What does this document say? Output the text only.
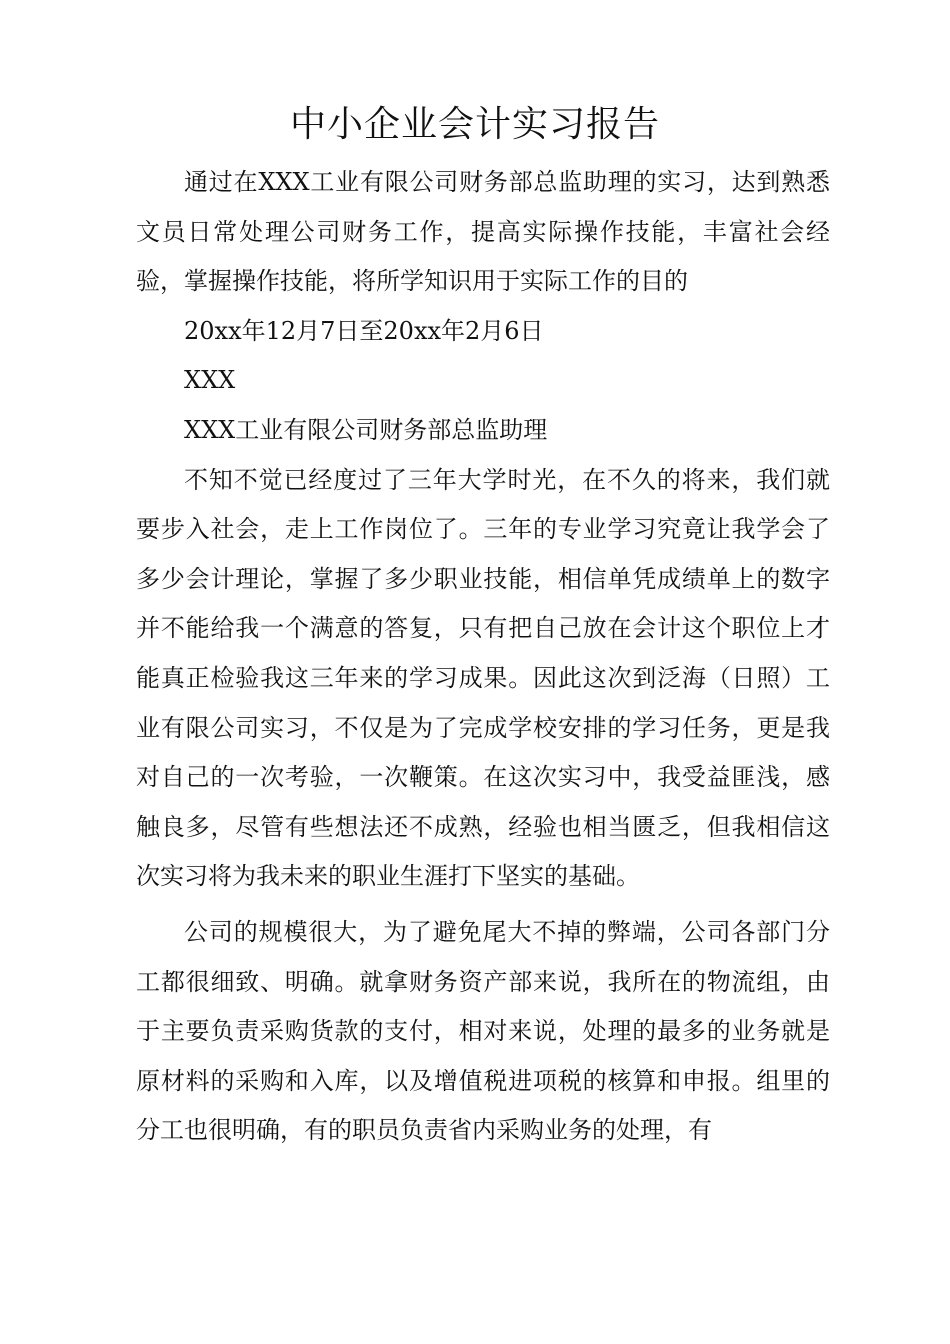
中小企业会计实习报告

通过在XXX工业有限公司财务部总监助理的实习，达到熟悉文员日常处理公司财务工作，提高实际操作技能，丰富社会经验，掌握操作技能，将所学知识用于实际工作的目的

20xx年12月7日至20xx年2月6日

XXX

XXX工业有限公司财务部总监助理

不知不觉已经度过了三年大学时光，在不久的将来，我们就要步入社会，走上工作岗位了。三年的专业学习究竟让我学会了多少会计理论，掌握了多少职业技能，相信单凭成绩单上的数字并不能给我一个满意的答复，只有把自己放在会计这个职位上才能真正检验我这三年来的学习成果。因此这次到泛海（日照）工业有限公司实习，不仅是为了完成学校安排的学习任务，更是我对自己的一次考验，一次鞭策。在这次实习中，我受益匪浅，感触良多，尽管有些想法还不成熟，经验也相当匮乏，但我相信这次实习将为我未来的职业生涯打下坚实的基础。

公司的规模很大，为了避免尾大不掉的弊端，公司各部门分工都很细致、明确。就拿财务资产部来说，我所在的物流组，由于主要负责采购货款的支付，相对来说，处理的最多的业务就是原材料的采购和入库，以及增值税进项税的核算和申报。组里的分工也很明确，有的职员负责省内采购业务的处理，有
